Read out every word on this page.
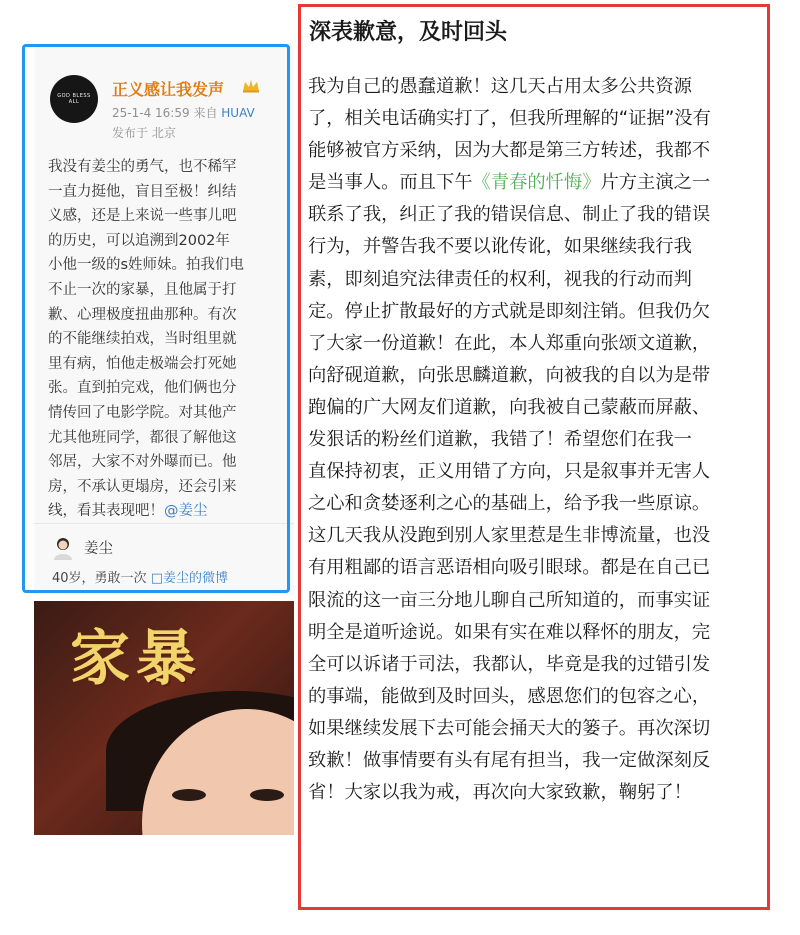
GOD BLESS ALL
正义感让我发声
25-1-4 16:59 来自 HUAV
发布于 北京
我没有姜尘的勇气，也不稀罕
一直力挺他，盲目至极！纠结
义感，还是上来说一些事儿吧
的历史，可以追溯到2002年
小他一级的s姓师妹。拍我们电
不止一次的家暴，且他属于打
歉、心理极度扭曲那种。有次
的不能继续拍戏，当时组里就
里有病，怕他走极端会打死她
张。直到拍完戏，他们俩也分
情传回了电影学院。对其他产
尤其他班同学，都很了解他这
邻居，大家不对外曝而已。他
房，不承认更塌房，还会引来
线，看其表现吧！@姜尘
姜尘
40岁，勇敢一次 □姜尘的微博
家暴
深表歉意，及时回头
我为自己的愚蠢道歉！这几天占用太多公共资源
了，相关电话确实打了，但我所理解的“证据”没有
能够被官方采纳，因为大都是第三方转述，我都不
是当事人。而且下午《青春的忏悔》片方主演之一
联系了我，纠正了我的错误信息、制止了我的错误
行为，并警告我不要以讹传讹，如果继续我行我
素，即刻追究法律责任的权利，视我的行动而判
定。停止扩散最好的方式就是即刻注销。但我仍欠
了大家一份道歉！在此，本人郑重向张颂文道歉，
向舒砚道歉，向张思麟道歉，向被我的自以为是带
跑偏的广大网友们道歉，向我被自己蒙蔽而屏蔽、
发狠话的粉丝们道歉，我错了！希望您们在我一
直保持初衷，正义用错了方向，只是叙事并无害人
之心和贪婪逐利之心的基础上，给予我一些原谅。
这几天我从没跑到别人家里惹是生非博流量，也没
有用粗鄙的语言恶语相向吸引眼球。都是在自己已
限流的这一亩三分地儿聊自己所知道的，而事实证
明全是道听途说。如果有实在难以释怀的朋友，完
全可以诉诸于司法，我都认，毕竟是我的过错引发
的事端，能做到及时回头，感恩您们的包容之心，
如果继续发展下去可能会捅天大的篓子。再次深切
致歉！做事情要有头有尾有担当，我一定做深刻反
省！大家以我为戒，再次向大家致歉，鞠躬了！
